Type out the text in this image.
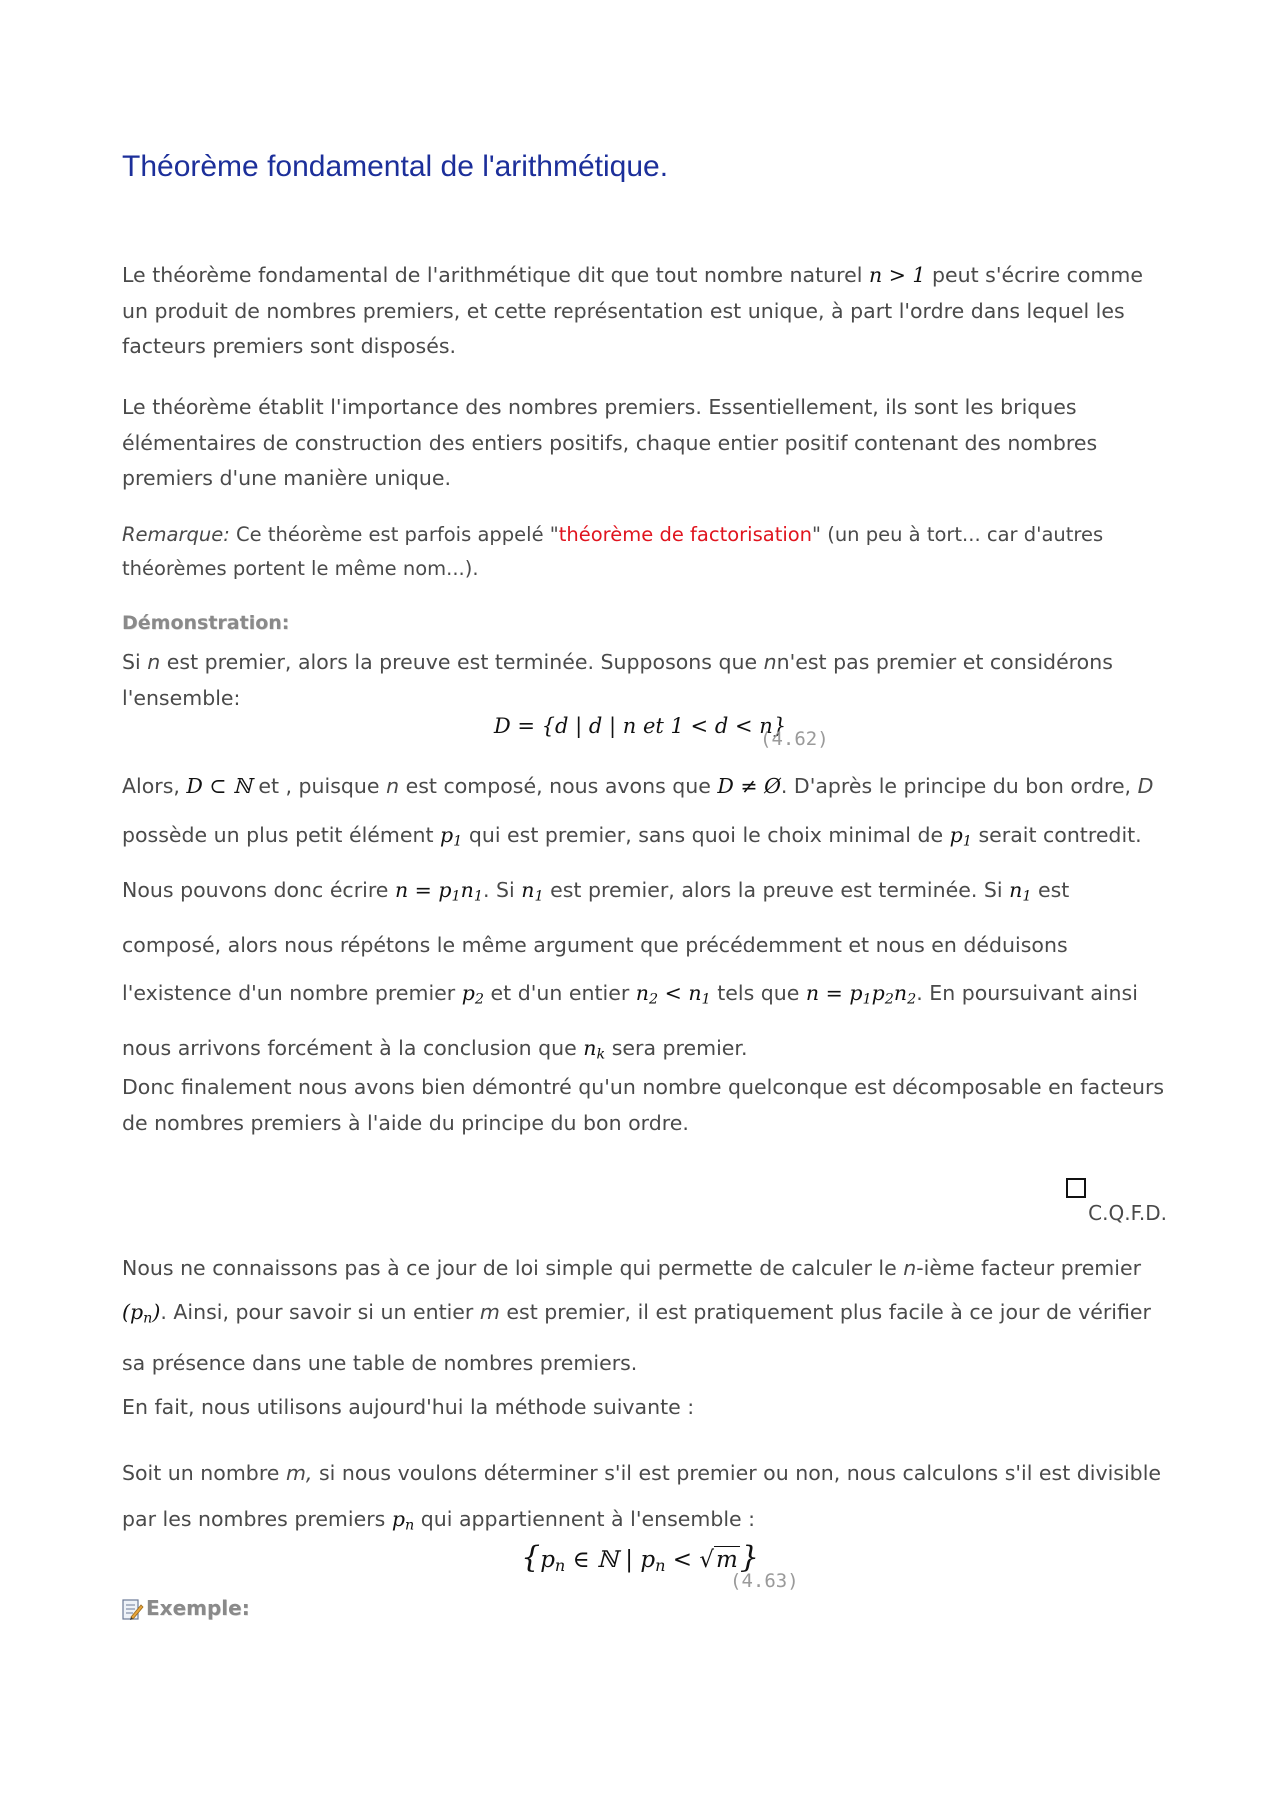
Théorème fondamental de l'arithmétique.

Le théorème fondamental de l'arithmétique dit que tout nombre naturel n > 1 peut s'écrire comme un produit de nombres premiers, et cette représentation est unique, à part l'ordre dans lequel les facteurs premiers sont disposés.

Le théorème établit l'importance des nombres premiers. Essentiellement, ils sont les briques élémentaires de construction des entiers positifs, chaque entier positif contenant des nombres premiers d'une manière unique.

Remarque: Ce théorème est parfois appelé "théorème de factorisation" (un peu à tort... car d'autres théorèmes portent le même nom...).

Démonstration:

Si n est premier, alors la preuve est terminée. Supposons que nn'est pas premier et considérons l'ensemble:

D = {d | d | n et 1 < d < n}
(4.62)

Alors, D ⊂ ℕ et , puisque n est composé, nous avons que D ≠ Ø. D'après le principe du bon ordre, D possède un plus petit élément $p_1$ qui est premier, sans quoi le choix minimal de $p_1$ serait contredit. Nous pouvons donc écrire $n = p_1n_1$. Si $n_1$ est premier, alors la preuve est terminée. Si $n_1$ est composé, alors nous répétons le même argument que précédemment et nous en déduisons l'existence d'un nombre premier $p_2$ et d'un entier $n_2 < n_1$ tels que $n = p_1p_2n_2$. En poursuivant ainsi nous arrivons forcément à la conclusion que $n_k$ sera premier.

Donc finalement nous avons bien démontré qu'un nombre quelconque est décomposable en facteurs de nombres premiers à l'aide du principe du bon ordre.

C.Q.F.D.

Nous ne connaissons pas à ce jour de loi simple qui permette de calculer le n-ième facteur premier $(p_n)$. Ainsi, pour savoir si un entier m est premier, il est pratiquement plus facile à ce jour de vérifier sa présence dans une table de nombres premiers.

En fait, nous utilisons aujourd'hui la méthode suivante :

Soit un nombre m, si nous voulons déterminer s'il est premier ou non, nous calculons s'il est divisible par les nombres premiers $p_n$ qui appartiennent à l'ensemble :

{$p_n$ ∈ ℕ | $p_n < √m$}
(4.63)
Exemple:
